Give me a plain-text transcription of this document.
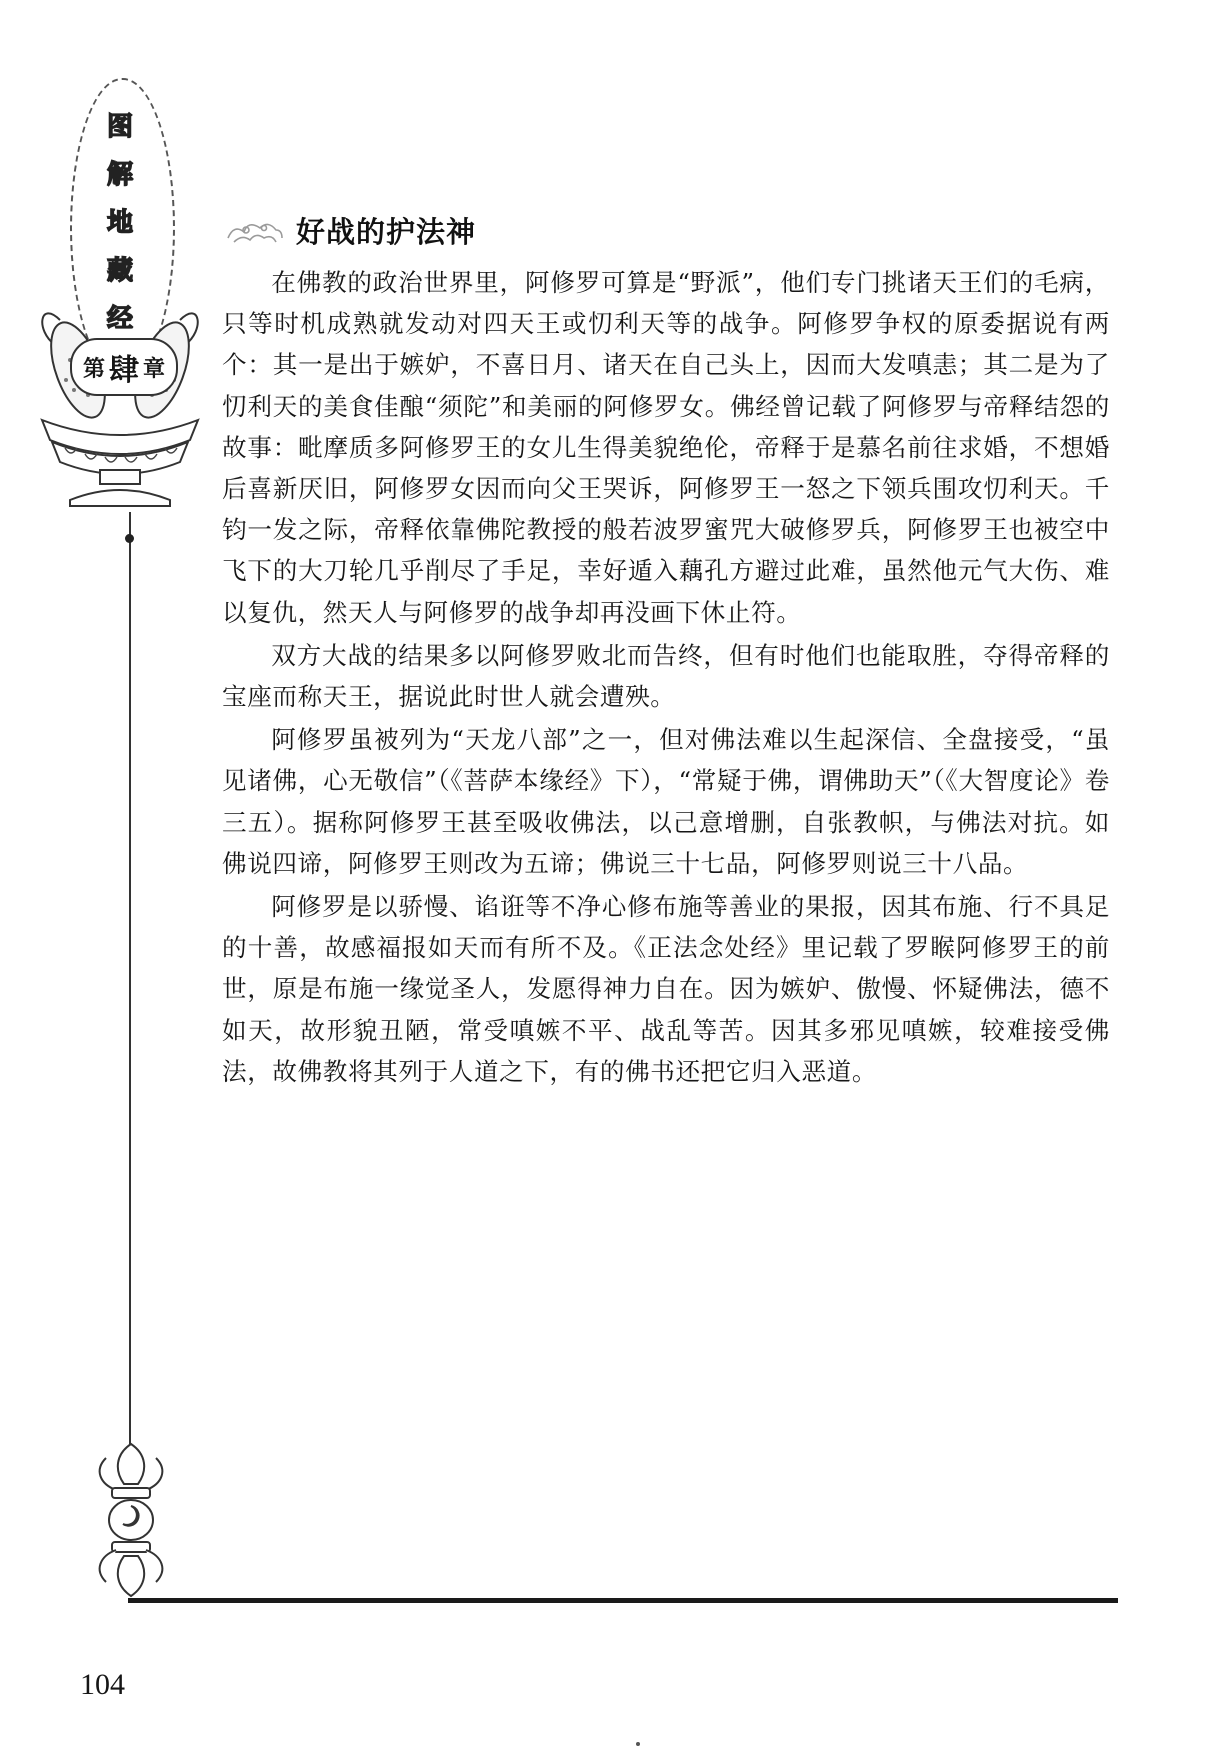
图
解
地
藏
经
第 肆 章
好战的护法神

在佛教的政治世界里，阿修罗可算是“野派”，他们专门挑诸天王们的毛病，只等时机成熟就发动对四天王或忉利天等的战争。阿修罗争权的原委据说有两个：其一是出于嫉妒，不喜日月、诸天在自己头上，因而大发嗔恚；其二是为了忉利天的美食佳酿“须陀”和美丽的阿修罗女。佛经曾记载了阿修罗与帝释结怨的故事：毗摩质多阿修罗王的女儿生得美貌绝伦，帝释于是慕名前往求婚，不想婚后喜新厌旧，阿修罗女因而向父王哭诉，阿修罗王一怒之下领兵围攻忉利天。千钧一发之际，帝释依靠佛陀教授的般若波罗蜜咒大破修罗兵，阿修罗王也被空中飞下的大刀轮几乎削尽了手足，幸好遁入藕孔方避过此难，虽然他元气大伤、难以复仇，然天人与阿修罗的战争却再没画下休止符。

双方大战的结果多以阿修罗败北而告终，但有时他们也能取胜，夺得帝释的宝座而称天王，据说此时世人就会遭殃。

阿修罗虽被列为“天龙八部”之一，但对佛法难以生起深信、全盘接受，“虽见诸佛，心无敬信”（《菩萨本缘经》下），“常疑于佛，谓佛助天”（《大智度论》卷三五）。据称阿修罗王甚至吸收佛法，以己意增删，自张教帜，与佛法对抗。如佛说四谛，阿修罗王则改为五谛；佛说三十七品，阿修罗则说三十八品。

阿修罗是以骄慢、谄诳等不净心修布施等善业的果报，因其布施、行不具足的十善，故感福报如天而有所不及。《正法念处经》里记载了罗睺阿修罗王的前世，原是布施一缘觉圣人，发愿得神力自在。因为嫉妒、傲慢、怀疑佛法，德不如天，故形貌丑陋，常受嗔嫉不平、战乱等苦。因其多邪见嗔嫉，较难接受佛法，故佛教将其列于人道之下，有的佛书还把它归入恶道。

104
